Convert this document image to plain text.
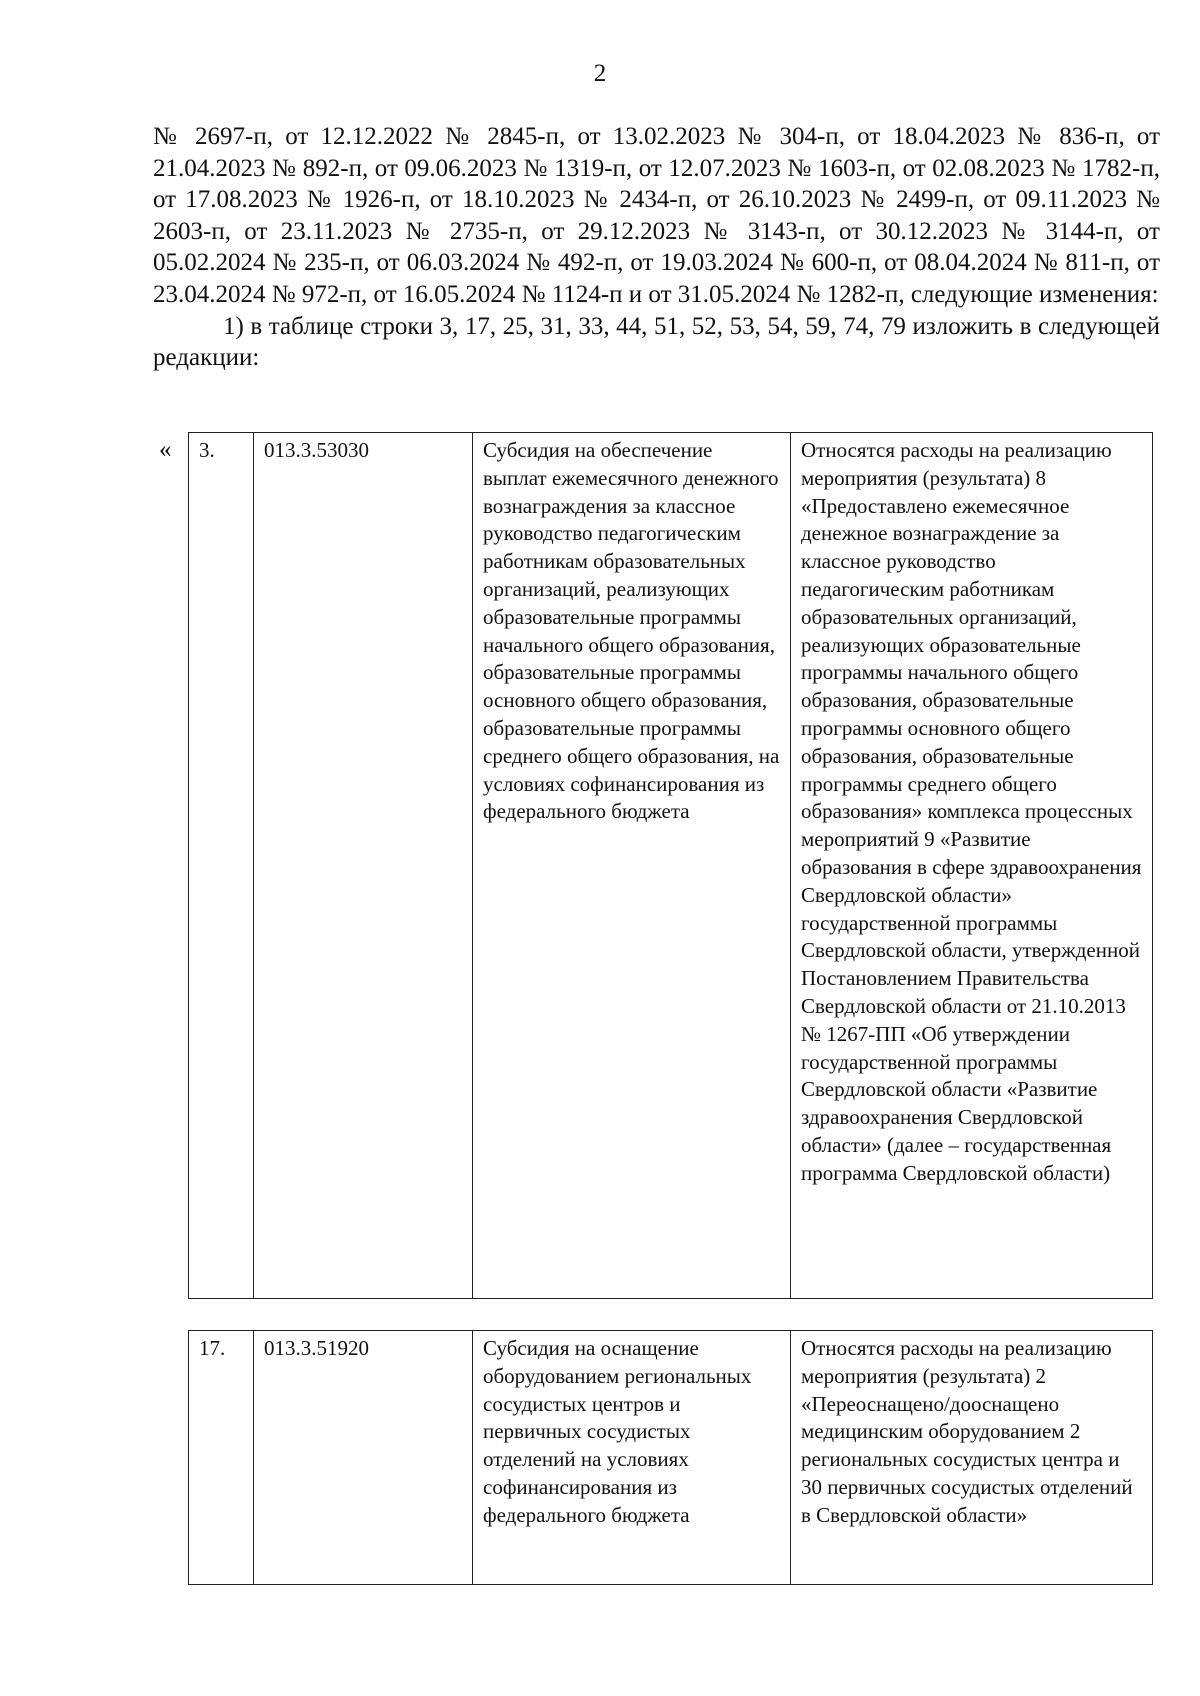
2

№ 2697-п, от 12.12.2022 № 2845-п, от 13.02.2023 № 304-п, от 18.04.2023 № 836-п, от 21.04.2023 № 892-п, от 09.06.2023 № 1319-п, от 12.07.2023 № 1603-п, от 02.08.2023 № 1782-п, от 17.08.2023 № 1926-п, от 18.10.2023 № 2434-п, от 26.10.2023 № 2499-п, от 09.11.2023 № 2603-п, от 23.11.2023 № 2735-п, от 29.12.2023 № 3143-п, от 30.12.2023 № 3144-п, от 05.02.2024 № 235-п, от 06.03.2024 № 492-п, от 19.03.2024 № 600-п, от 08.04.2024 № 811-п, от 23.04.2024 № 972-п, от 16.05.2024 № 1124-п и от 31.05.2024 № 1282-п, следующие изменения:

1) в таблице строки 3, 17, 25, 31, 33, 44, 51, 52, 53, 54, 59, 74, 79 изложить в следующей редакции:

« 3.	013.3.53030	Субсидия на обеспечение выплат ежемесячного денежного вознаграждения за классное руководство педагогическим работникам образовательных организаций, реализующих образовательные программы начального общего образования, образовательные программы основного общего образования, образовательные программы среднего общего образования, на условиях софинансирования из федерального бюджета	Относятся расходы на реализацию мероприятия (результата) 8 «Предоставлено ежемесячное денежное вознаграждение за классное руководство педагогическим работникам образовательных организаций, реализующих образовательные программы начального общего образования, образовательные программы основного общего образования, образовательные программы среднего общего образования» комплекса процессных мероприятий 9 «Развитие образования в сфере здравоохранения Свердловской области» государственной программы Свердловской области, утвержденной Постановлением Правительства Свердловской области от 21.10.2013 № 1267-ПП «Об утверждении государственной программы Свердловской области «Развитие здравоохранения Свердловской области» (далее – государственная программа Свердловской области)
17.	013.3.51920	Субсидия на оснащение оборудованием региональных сосудистых центров и первичных сосудистых отделений на условиях софинансирования из федерального бюджета	Относятся расходы на реализацию мероприятия (результата) 2 «Переоснащено/дооснащено медицинским оборудованием 2 региональных сосудистых центра и 30 первичных сосудистых отделений в Свердловской области»
